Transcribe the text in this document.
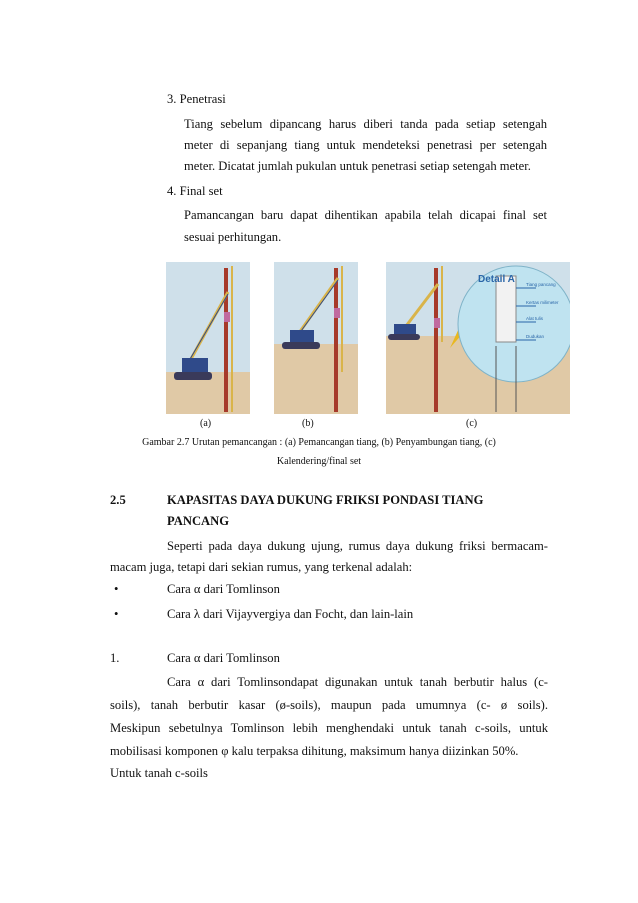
3. Penetrasi
Tiang sebelum dipancang harus diberi tanda pada setiap setengah
meter di sepanjang tiang untuk mendeteksi penetrasi per setengah
meter. Dicatat jumlah pukulan untuk penetrasi setiap setengah meter.
4. Final set
Pamancangan baru dapat dihentikan apabila telah dicapai final set
sesuai perhitungan.
Detail A Tiang pancang
Kertas milimeter
Alat tulis
Dudukan
(a)	(b)	(c)
Gambar 2.7 Urutan pemancangan : (a) Pemancangan tiang, (b) Penyambungan tiang, (c)
Kalendering/final set
2.5	KAPASITAS DAYA DUKUNG FRIKSI PONDASI TIANG
PANCANG
Seperti pada daya dukung ujung, rumus daya dukung friksi bermacam-
macam juga, tetapi dari sekian rumus, yang terkenal adalah:
•	Cara α dari Tomlinson
•	Cara λ dari Vijayvergiya dan Focht, dan lain-lain
1.	Cara α dari Tomlinson
Cara α dari Tomlinsondapat digunakan untuk tanah berbutir halus (c-
soils), tanah berbutir kasar (ø-soils), maupun pada umumnya (c- ø soils).
Meskipun sebetulnya Tomlinson lebih menghendaki untuk tanah c-soils, untuk
mobilisasi komponen φ kalu terpaksa dihitung, maksimum hanya diizinkan 50%.
Untuk tanah c-soils
